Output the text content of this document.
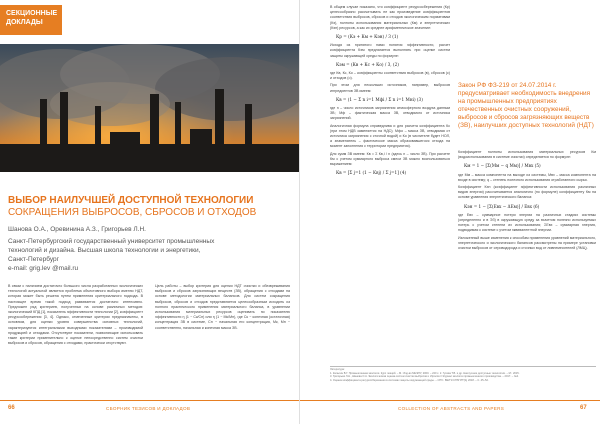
СЕКЦИОННЫЕ
ДОКЛАДЫ
ВЫБОР НАИЛУЧШЕЙ ДОСТУПНОЙ ТЕХНОЛОГИИ
СОКРАЩЕНИЯ ВЫБРОСОВ, СБРОСОВ И ОТХОДОВ
Шанова О.А., Оревинина А.З., Григорьев Л.Н.
Санкт-Петербургский государственный университет промышленных
технологий и дизайна. Высшая школа технологии и энергетики,
Санкт-Петербург
e-mail: grig.lev @mail.ru

В связи с наличием достаточно большого числа разработанных экологических технологий актуальной является проблема объективного выбора именно НДТ, которая может быть решена путем применения критериального подхода. В настоящее время такой подход развивается достаточно интенсивно. Предложен ряд критериев, полученных на основе различных методов: экологический КПД [1], показатель эффективности технологии [2], коэффициент ресурсосбережения [3, 4]. Однако, отмеченные критерии предназначены, в основном, для оценки уровня совершенства основных технологий, характеризуются интегральными выходными показателями – производимой продукцией и отходами. Отсутствуют показатели, позволяющие использовать такие критерии применительно к оценке непосредственно систем очистки выбросов и сбросов, обращения с отходами, практически отсутствуют.

Цель работы – выбор критерия для оценки НДТ очистки и обезвреживания выбросов и сбросов загрязняющих веществ (ЗВ), обращения с отходами на основе методологии материальных балансов. Для систем сокращения выбросов, сбросов и отходов представляется целесообразным исходить из полного практического применения материального баланса, в уравнении использования материальных ресурсов оценивать по показателю эффективности η (1 − Cк/Cн) или η (1 − Mк/Mн), где Cк − конечная (остаточная) концентрация ЗВ в системе, Cн − начальная его концентрация, Mк, Mн − соответственно, начальная и конечная масса ЗВ.

66	СБОРНИК ТЕЗИСОВ И ДОКЛАДОВ

В общем случае показано, что коэффициент ресурсосбережения (Кр) целесообразно рассчитывать не как произведение коэффициентов соответствия выбросов, сбросов и отходов экологическим нормативам (Кэ), полноты использования материальных (Км) и энергетических (Кэн) ресурсов, а как их среднее арифметическое значение:

Кр = (Кэ + Км + Кэн) / 3 (1)

Исходя из принятого нами понятия эффективности, расчет коэффициента Кэм предлагается выполнять при оценке систем защиты окружающей среды по формуле:

Кэм = (Кв + Кс + Ко) / 3, (2)

где Кв, Кс, Ко – коэффициенты соответствия выбросов (в), сбросов (с) и отходов (о).

При этом для нескольких источников, например, выбросов ингредиентов ЗВ имеем:

Кв = (1 − Σ n i=1 Mфi / Σ n i=1 Mнi) (3)

где n – число источников загрязнения атмосферного воздуха данным ЗВ; Mф – фактическая масса ЗВ, отводимого от источника загрязнений.

Аналогичная формула справедлива и для расчета коэффициента Кс (при этом НДВ заменяется на НДС); Mфо – масса ЗВ, отводимая от источника загрязнения с сточной водой) и Ко (в числителе будет НОЛ, а знаменатель – фактическое масса образовавшегося отхода на момент заполнения с территории предприятия).

Для сумм ЗВ имеем: Кв = Σ Кв,i / n (здесь n – число ЗВ). При расчете Км с учетом суммарного выброса смеси ЗВ можно воспользоваться выражением:

Кв = [Σ j=1 (1 − Kвj) / Σ j=1] (4)

Коэффициент полноты использования материальных ресурсов Км (водоиспользования в системе очистки) определяется по формуле:

Км = 1 − [Σ(Mм − q Mм)] / Mвх (5)

где Mм – масса компонента на выходе из системы, Mвх – масса компонента на входе в систему; q – степень полезного использования отработанного сырья.

Коэффициент Кэн (коэффициент эффективности использования различных видов энергии) рассчитывается аналогично (по формуле) коэффициенту Км на основе уравнения энергетического баланса:

Кэн = 1 − [Σ(Eвх − ΔEм)] / Eвх (6)

где Eвх – суммарное потери энергии на различных стадиях системы (определенно и в ЭЗ) в окружающую среду за вычетом полезно используемых потерь с учетом степени их использования; ΣEвх – суммарная энергия, подводимая к системе с учетом эквивалентной энергии.

Изложенный выше изменения к способам применения уравнений материального, энергетического и экологического балансов рассмотрены на примере установки очистки выбросов от сероводорода и сточных вод от ливнемесителей (ЛМЦ).

COLLECTION OF ABSTRACTS AND PAPERS	67
Закон РФ ФЗ-219 от 24.07.2014 г. предусматривает необходимость внедрения на промышленных предприятиях отечественных очистных сооружений, выбросов и сбросов загрязняющих веществ (ЗВ), наилучших доступных технологий (НДТ)
Литература:
1. Калыгин В.Г. Промышленная экология. Курс лекций. – М.: Изд-во МНЭПУ, 2000. – 240 с. 2. Гусева Т.В. и др. Наилучшие доступные технологии. – М.: 2015.
3. Григорьев Л.Н., Шанова О.А. Экологическая оценка систем очистки выбросов и сбросов // Журнал экологии промышленного производства. – 2017. – №4.
4. Оценка коэффициента ресурсосбережения в системах защиты окружающей среды. – СПб.: ВШТЭ СПбГУПТД, 2018. – С. 45–52.
